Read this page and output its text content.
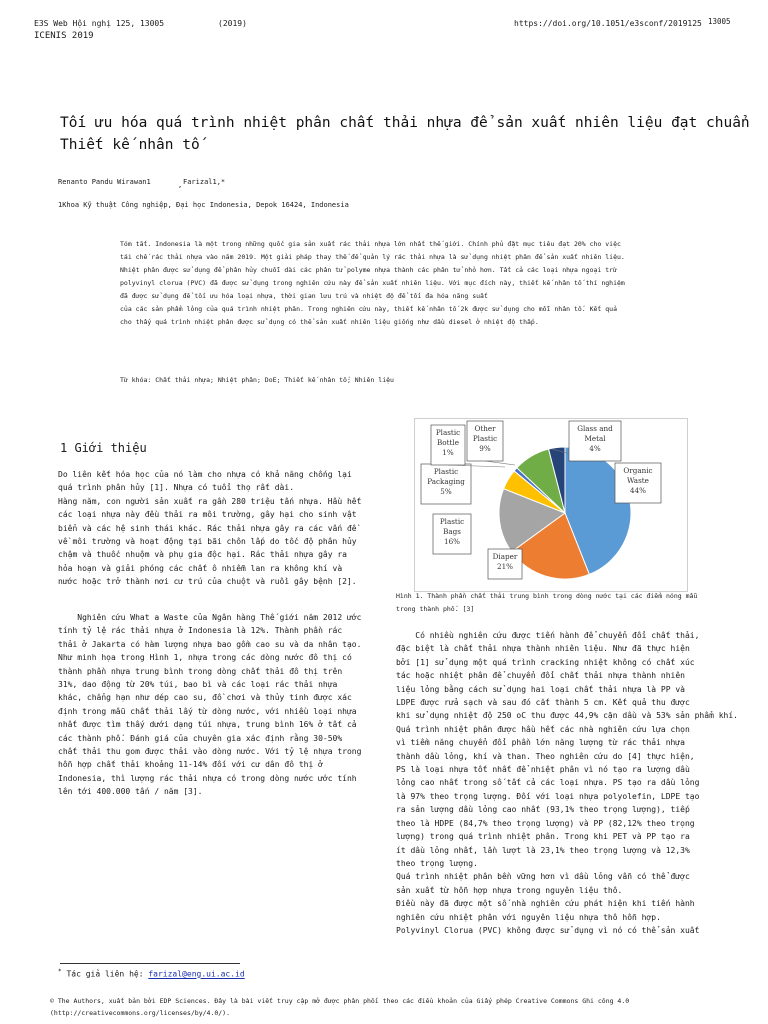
E3S Web Hội nghị 125, 13005	(2019)	https://doi.org/10.1051/e3sconf/2019125 13005
ICENIS 2019
Tối ưu hóa quá trình nhiệt phân chất thải nhựa để sản xuất nhiên liệu đạt chuẩn
Thiết kế nhân tố
Renanto Pandu Wirawan1	, Farizal1,*
1Khoa Kỹ thuật Công nghiệp, Đại học Indonesia, Depok 16424, Indonesia

Tóm tắt. Indonesia là một trong những quốc gia sản xuất rác thải nhựa lớn nhất thế giới. Chính phủ đặt mục tiêu đạt 20% cho việc

tái chế rác thải nhựa vào năm 2019. Một giải pháp thay thế để quản lý rác thải nhựa là sử dụng nhiệt phân để sản xuất nhiên liệu.

Nhiệt phân được sử dụng để phân hủy chuỗi dài các phân tử polyme nhựa thành các phân tử nhỏ hơn. Tất cả các loại nhựa ngoại trừ

polyvinyl clorua (PVC) đã được sử dụng trong nghiên cứu này để sản xuất nhiên liệu. Với mục đích này, thiết kế nhân tố thí nghiệm

đã được sử dụng để tối ưu hóa loại nhựa, thời gian lưu trú và nhiệt độ để tối đa hóa năng suất

của các sản phẩm lỏng của quá trình nhiệt phân. Trong nghiên cứu này, thiết kế nhân tố 2k được sử dụng cho mỗi nhân tố. Kết quả

cho thấy quá trình nhiệt phân được sử dụng có thể sản xuất nhiên liệu giống như dầu diesel ở nhiệt độ thấp.

Từ khóa: Chất thải nhựa; Nhiệt phân; DoE; Thiết kế nhân tố; Nhiên liệu
1 Giới thiệu

Do liên kết hóa học của nó làm cho nhựa có khả năng chống lại

quá trình phân hủy [1]. Nhựa có tuổi thọ rất dài.

Hàng năm, con người sản xuất ra gần 280 triệu tấn nhựa. Hầu hết

các loại nhựa này đều thải ra môi trường, gây hại cho sinh vật

biển và các hệ sinh thái khác. Rác thải nhựa gây ra các vấn đề

về môi trường và hoạt động tại bãi chôn lấp do tốc độ phân hủy

chậm và thuốc nhuộm và phụ gia độc hại. Rác thải nhựa gây ra

hỏa hoạn và giải phóng các chất ô nhiễm lan ra không khí và

nước hoặc trở thành nơi cư trú của chuột và ruồi gây bệnh [2].

Nghiên cứu What a Waste của Ngân hàng Thế giới năm 2012 ước

tính tỷ lệ rác thải nhựa ở Indonesia là 12%. Thành phần rác

thải ở Jakarta có hàm lượng nhựa bao gồm cao su và da nhân tạo.

Như minh họa trong Hình 1, nhựa trong các dòng nước đô thị có

thành phần nhựa trung bình trong dòng chất thải đô thị trên

31%, dao động từ 20% túi, bao bì và các loại rác thải nhựa

khác, chẳng hạn như dép cao su, đồ chơi và thủy tinh được xác

định trong mẫu chất thải lấy từ dòng nước, với nhiều loại nhựa

nhất được tìm thấy dưới dạng túi nhựa, trung bình 16% ở tất cả

các thành phố. Đánh giá của chuyên gia xác định rằng 30-50%

chất thải thu gom được thải vào dòng nước. Với tỷ lệ nhựa trong

hỗn hợp chất thải khoảng 11-14% đối với cư dân đô thị ở

Indonesia, thì lượng rác thải nhựa có trong dòng nước ước tính

lên tới 400.000 tấn / năm [3].

Organic
Waste
44%
Diaper
21%
Plastic
Bags
16%
Plastic
Packaging
5%
Plastic
Bottle
1%
Other
Plastic
9%
Glass and
Metal
4%
Hình 1. Thành phần chất thải trung bình trong dòng nước tại các điểm nóng mẫu
trong thành phố. [3]

Có nhiều nghiên cứu được tiến hành để chuyển đổi chất thải,

đặc biệt là chất thải nhựa thành nhiên liệu. Như đã thực hiện

bởi [1] sử dụng một quá trình cracking nhiệt không có chất xúc

tác hoặc nhiệt phân để chuyển đổi chất thải nhựa thành nhiên

liệu lỏng bằng cách sử dụng hai loại chất thải nhựa là PP và

LDPE được rửa sạch và sau đó cắt thành 5 cm. Kết quả thu được

khi sử dụng nhiệt độ 250 oC thu được 44,9% cặn dầu và 53% sản phẩm khí.

Quá trình nhiệt phân được hầu hết các nhà nghiên cứu lựa chọn

vì tiềm năng chuyển đổi phần lớn năng lượng từ rác thải nhựa

thành dầu lỏng, khí và than. Theo nghiên cứu do [4] thực hiện,

PS là loại nhựa tốt nhất để nhiệt phân vì nó tạo ra lượng dầu

lỏng cao nhất trong số tất cả các loại nhựa. PS tạo ra dầu lỏng

là 97% theo trọng lượng. Đối với loại nhựa polyolefin, LDPE tạo

ra sản lượng dầu lỏng cao nhất (93,1% theo trọng lượng), tiếp

theo là HDPE (84,7% theo trọng lượng) và PP (82,12% theo trọng

lượng) trong quá trình nhiệt phân. Trong khi PET và PP tạo ra

ít dầu lỏng nhất, lần lượt là 23,1% theo trọng lượng và 12,3%

theo trọng lượng.

Quá trình nhiệt phân bền vững hơn vì dầu lỏng vẫn có thể được

sản xuất từ hỗn hợp nhựa trong nguyên liệu thô.

Điều này đã được một số nhà nghiên cứu phát hiện khi tiến hành

nghiên cứu nhiệt phân với nguyên liệu nhựa thô hỗn hợp.

Polyvinyl Clorua (PVC) không được sử dụng vì nó có thể sản xuất

* Tác giả liên hệ: farizal@eng.ui.ac.id
© The Authors, xuất bản bởi EDP Sciences. Đây là bài viết truy cập mở được phân phối theo các điều khoản của Giấy phép Creative Commons Ghi công 4.0
(http://creativecommons.org/licenses/by/4.0/).
